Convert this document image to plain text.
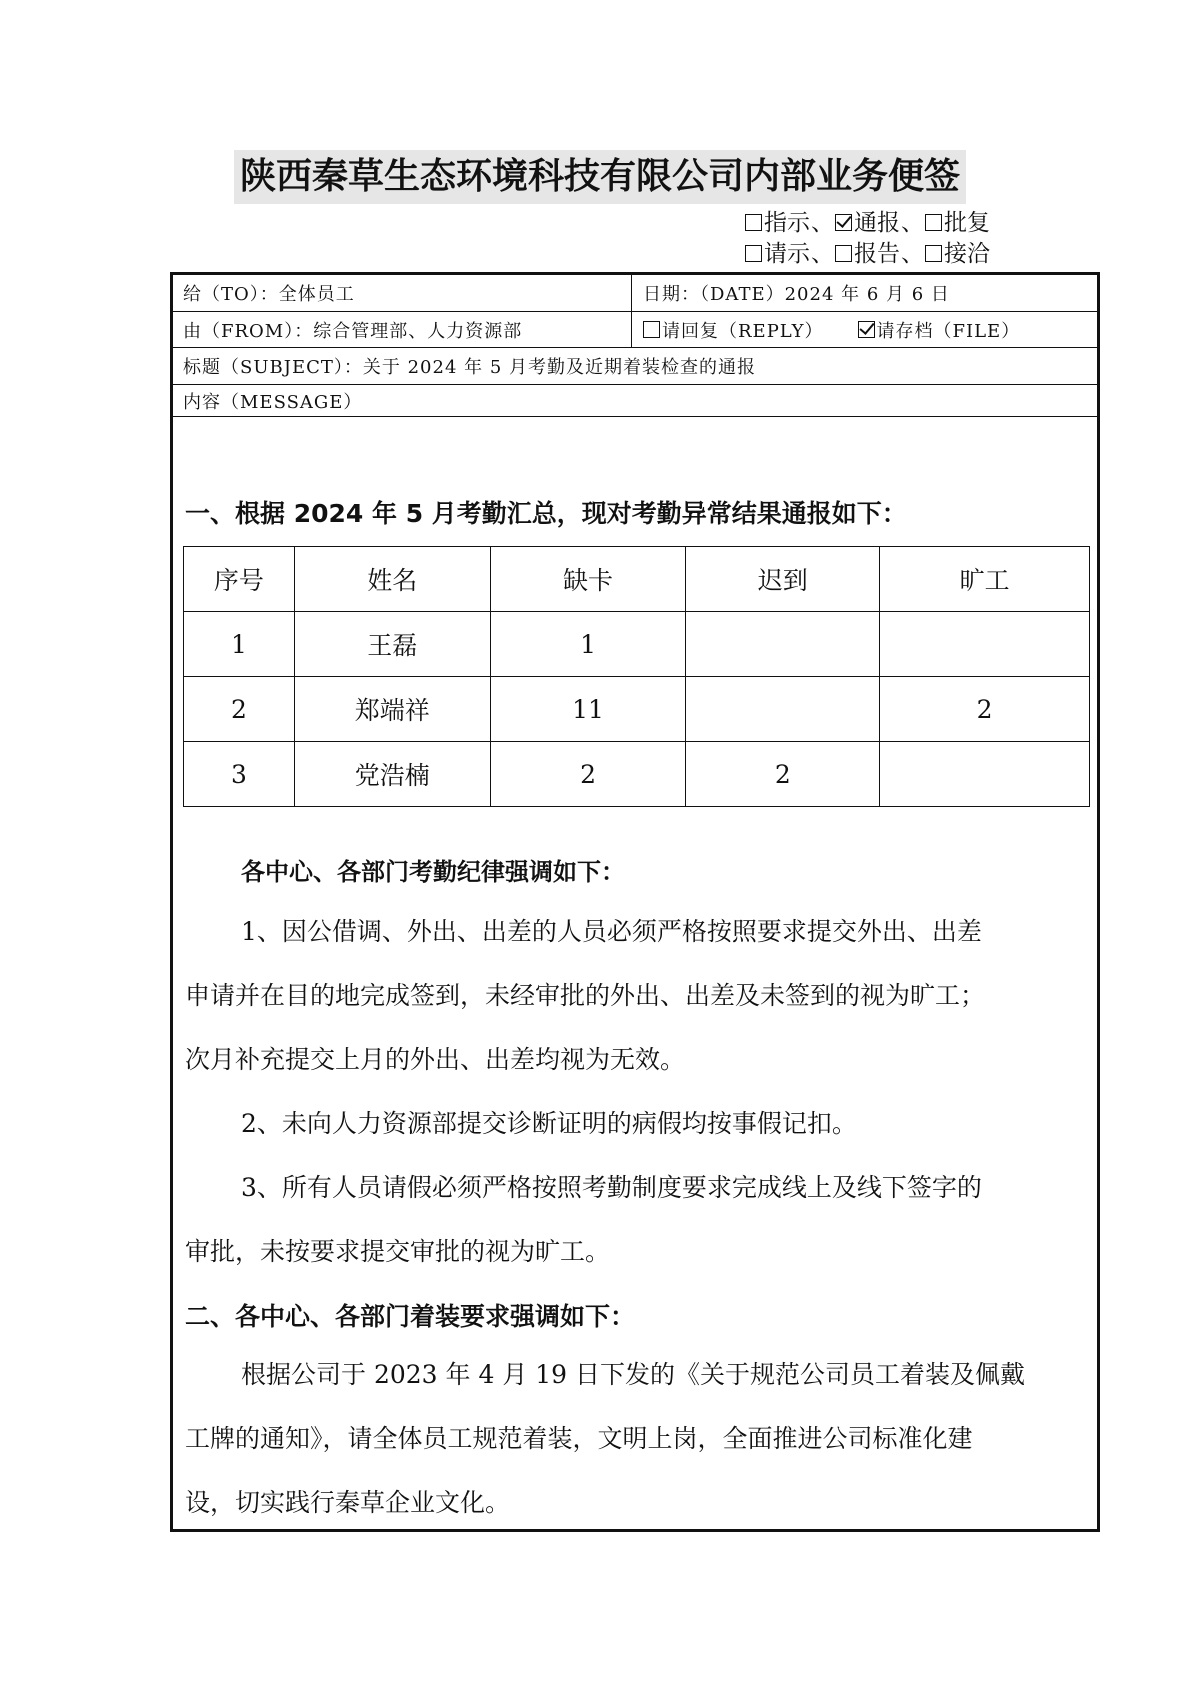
陕西秦草生态环境科技有限公司内部业务便签
指示、 通报、 批复
请示、 报告、 接洽
给（TO）：全体员工	日期：（DATE）2024 年 6 月 6 日
由（FROM）：综合管理部、人力资源部	请回复（REPLY）	请存档（FILE）
标题（SUBJECT）：关于 2024 年 5 月考勤及近期着装检查的通报
内容（MESSAGE）
一、根据 2024 年 5 月考勤汇总，现对考勤异常结果通报如下：
序号	姓名	缺卡	迟到	旷工
1	王磊	1		
2	郑端祥	11		2
3	党浩楠	2	2	
各中心、各部门考勤纪律强调如下：
1、因公借调、外出、出差的人员必须严格按照要求提交外出、出差
申请并在目的地完成签到，未经审批的外出、出差及未签到的视为旷工；
次月补充提交上月的外出、出差均视为无效。
2、未向人力资源部提交诊断证明的病假均按事假记扣。
3、所有人员请假必须严格按照考勤制度要求完成线上及线下签字的
审批，未按要求提交审批的视为旷工。
二、各中心、各部门着装要求强调如下：
根据公司于 2023 年 4 月 19 日下发的《关于规范公司员工着装及佩戴
工牌的通知》，请全体员工规范着装，文明上岗，全面推进公司标准化建
设，切实践行秦草企业文化。
